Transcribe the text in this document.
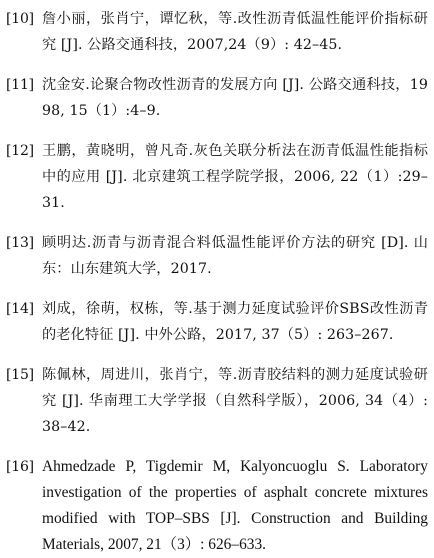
[10] 詹小丽，张肖宁，谭忆秋，等.改性沥青低温性能评价指标研究 [J]. 公路交通科技，2007,24（9）: 42–45.
[11] 沈金安.论聚合物改性沥青的发展方向 [J]. 公路交通科技，1998, 15（1）:4–9.
[12] 王鹏，黄晓明，曾凡奇.灰色关联分析法在沥青低温性能指标中的应用 [J]. 北京建筑工程学院学报，2006, 22（1）:29–31.
[13] 顾明达.沥青与沥青混合料低温性能评价方法的研究 [D]. 山东：山东建筑大学，2017.
[14] 刘成，徐萌，权栋，等.基于测力延度试验评价SBS改性沥青的老化特征 [J]. 中外公路，2017, 37（5）: 263–267.
[15] 陈佩林，周进川，张肖宁，等.沥青胶结料的测力延度试验研究 [J]. 华南理工大学学报（自然科学版），2006, 34（4）: 38–42.
[16] Ahmedzade P, Tigdemir M, Kalyoncuoglu S. Laboratory investigation of the properties of asphalt concrete mixtures modified with TOP–SBS [J]. Construction and Building Materials, 2007, 21（3）: 626–633.
